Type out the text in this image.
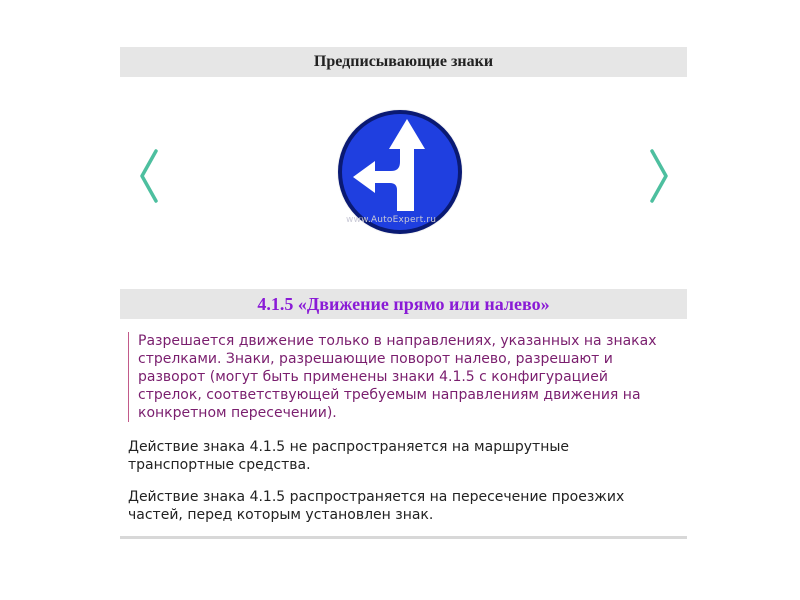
Предписывающие знаки
www.AutoExpert.ru
4.1.5 «Движение прямо или налево»
Разрешается движение только в направлениях, указанных на знаках стрелками. Знаки, разрешающие поворот налево, разрешают и разворот (могут быть применены знаки 4.1.5 с конфигурацией стрелок, соответствующей требуемым направлениям движения на конкретном пересечении).
Действие знака 4.1.5 не распространяется на маршрутные транспортные средства.
Действие знака 4.1.5 распространяется на пересечение проезжих частей, перед которым установлен знак.
